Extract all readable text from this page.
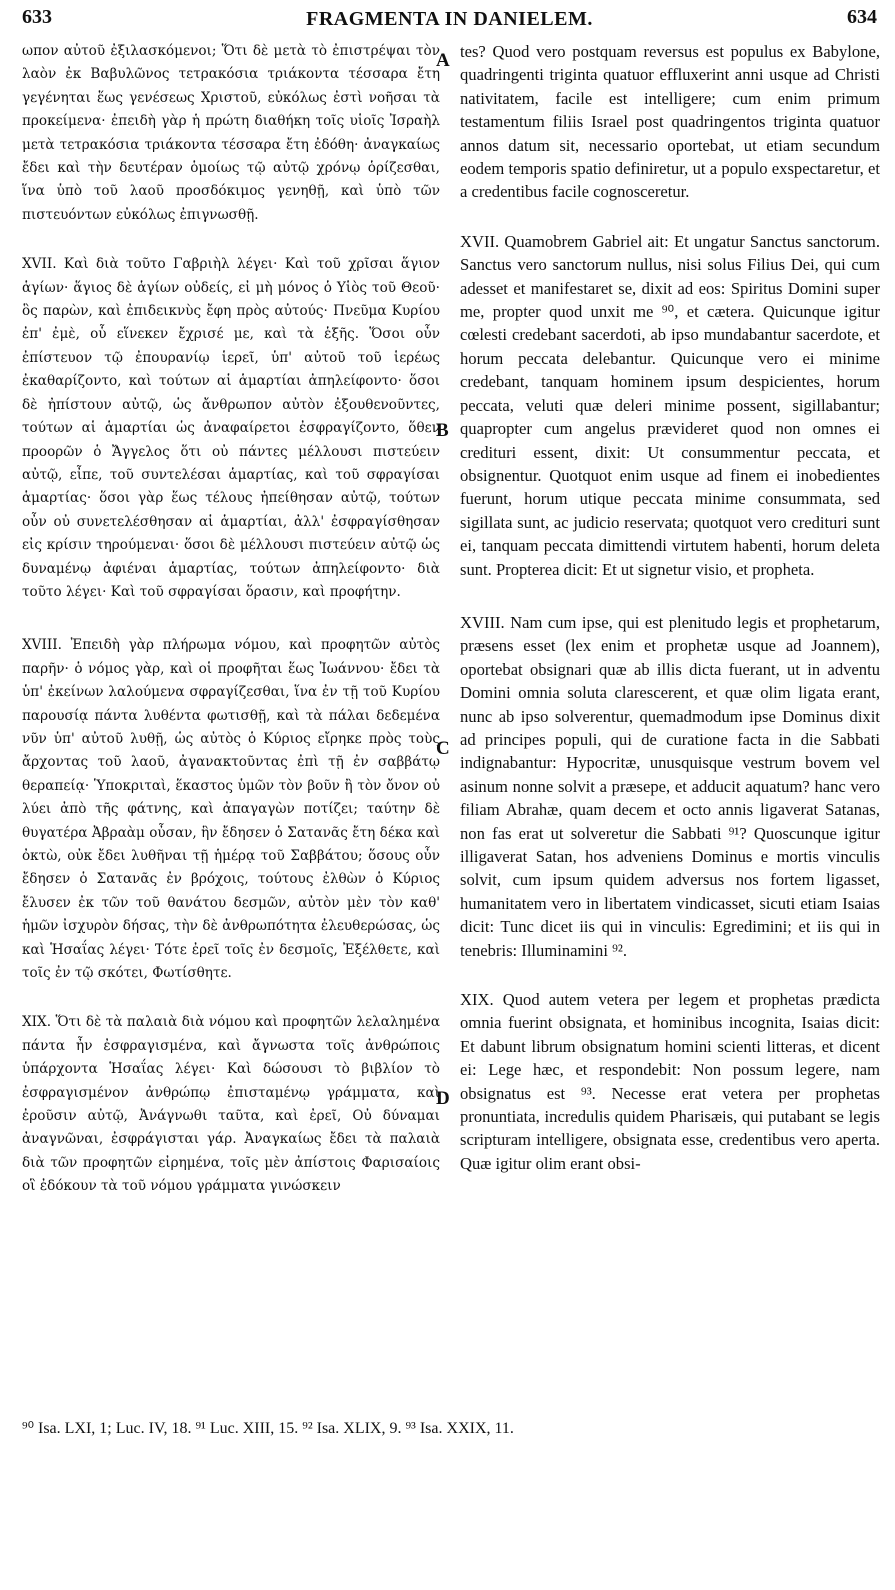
633	FRAGMENTA IN DANIELEM.	634

ωπον αὐτοῦ ἐξιλασκόμενοι; Ὅτι δὲ μετὰ τὸ ἐπιστρέψαι τὸν λαὸν ἐκ Βαβυλῶνος τετρακόσια τριάκοντα τέσσαρα ἔτη γεγένηται ἕως γενέσεως Χριστοῦ, εὐκόλως ἐστὶ νοῆσαι τὰ προκείμενα· ἐπειδὴ γὰρ ἡ πρώτη διαθήκη τοῖς υἱοῖς Ἰσραὴλ μετὰ τετρακόσια τριάκοντα τέσσαρα ἔτη ἐδόθη· ἀναγκαίως ἔδει καὶ τὴν δευτέραν ὁμοίως τῷ αὐτῷ χρόνῳ ὁρίζεσθαι, ἵνα ὑπὸ τοῦ λαοῦ προσδόκιμος γενηθῇ, καὶ ὑπὸ τῶν πιστευόντων εὐκόλως ἐπιγνωσθῇ.

XVII. Καὶ διὰ τοῦτο Γαβριὴλ λέγει· Καὶ τοῦ χρῖσαι ἅγιον ἁγίων· ἅγιος δὲ ἁγίων οὐδείς, εἰ μὴ μόνος ὁ Υἱὸς τοῦ Θεοῦ· ὃς παρὼν, καὶ ἐπιδεικνὺς ἔφη πρὸς αὐτούς· Πνεῦμα Κυρίου ἐπ' ἐμὲ, οὗ εἵνεκεν ἔχρισέ με, καὶ τὰ ἑξῆς. Ὅσοι οὖν ἐπίστευον τῷ ἐπουρανίῳ ἱερεῖ, ὑπ' αὐτοῦ τοῦ ἱερέως ἐκαθαρίζοντο, καὶ τούτων αἱ ἁμαρτίαι ἀπηλείφοντο· ὅσοι δὲ ἠπίστουν αὐτῷ, ὡς ἄνθρωπον αὐτὸν ἐξουθενοῦντες, τούτων αἱ ἁμαρτίαι ὡς ἀναφαίρετοι ἐσφραγίζοντο, ὅθεν προορῶν ὁ Ἄγγελος ὅτι οὐ πάντες μέλλουσι πιστεύειν αὐτῷ, εἶπε, τοῦ συντελέσαι ἁμαρτίας, καὶ τοῦ σφραγίσαι ἁμαρτίας· ὅσοι γὰρ ἕως τέλους ἠπείθησαν αὐτῷ, τούτων οὖν οὐ συνετελέσθησαν αἱ ἁμαρτίαι, ἀλλ' ἐσφραγίσθησαν εἰς κρίσιν τηρούμεναι· ὅσοι δὲ μέλλουσι πιστεύειν αὐτῷ ὡς δυναμένῳ ἀφιέναι ἁμαρτίας, τούτων ἀπηλείφοντο· διὰ τοῦτο λέγει· Καὶ τοῦ σφραγίσαι ὅρασιν, καὶ προφήτην.

XVIII. Ἐπειδὴ γὰρ πλήρωμα νόμου, καὶ προφητῶν αὐτὸς παρῆν· ὁ νόμος γὰρ, καὶ οἱ προφῆται ἕως Ἰωάννου· ἔδει τὰ ὑπ' ἐκείνων λαλούμενα σφραγίζεσθαι, ἵνα ἐν τῇ τοῦ Κυρίου παρουσίᾳ πάντα λυθέντα φωτισθῇ, καὶ τὰ πάλαι δεδεμένα νῦν ὑπ' αὐτοῦ λυθῇ, ὡς αὐτὸς ὁ Κύριος εἴρηκε πρὸς τοὺς ἄρχοντας τοῦ λαοῦ, ἀγανακτοῦντας ἐπὶ τῇ ἐν σαββάτῳ θεραπείᾳ· Ὑποκριταὶ, ἕκαστος ὑμῶν τὸν βοῦν ἢ τὸν ὄνον οὐ λύει ἀπὸ τῆς φάτνης, καὶ ἀπαγαγὼν ποτίζει; ταύτην δὲ θυγατέρα Ἀβραὰμ οὖσαν, ἣν ἔδησεν ὁ Σατανᾶς ἔτη δέκα καὶ ὀκτὼ, οὐκ ἔδει λυθῆναι τῇ ἡμέρᾳ τοῦ Σαββάτου; ὅσους οὖν ἔδησεν ὁ Σατανᾶς ἐν βρόχοις, τούτους ἐλθὼν ὁ Κύριος ἔλυσεν ἐκ τῶν τοῦ θανάτου δεσμῶν, αὐτὸν μὲν τὸν καθ' ἡμῶν ἰσχυρὸν δήσας, τὴν δὲ ἀνθρωπότητα ἐλευθερώσας, ὡς καὶ Ἡσαΐας λέγει· Τότε ἐρεῖ τοῖς ἐν δεσμοῖς, Ἐξέλθετε, καὶ τοῖς ἐν τῷ σκότει, Φωτίσθητε.

XIX. Ὅτι δὲ τὰ παλαιὰ διὰ νόμου καὶ προφητῶν λελαλημένα πάντα ἦν ἐσφραγισμένα, καὶ ἄγνωστα τοῖς ἀνθρώποις ὑπάρχοντα Ἡσαΐας λέγει· Καὶ δώσουσι τὸ βιβλίον τὸ ἐσφραγισμένον ἀνθρώπῳ ἐπισταμένῳ γράμματα, καὶ ἐροῦσιν αὐτῷ, Ἀνάγνωθι ταῦτα, καὶ ἐρεῖ, Οὐ δύναμαι ἀναγνῶναι, ἐσφράγισται γάρ. Ἀναγκαίως ἔδει τὰ παλαιὰ διὰ τῶν προφητῶν εἰρημένα, τοῖς μὲν ἀπίστοις Φαρισαίοις οἳ ἐδόκουν τὰ τοῦ νόμου γράμματα γινώσκειν

tes? Quod vero postquam reversus est populus ex Babylone, quadringenti triginta quatuor effluxerint anni usque ad Christi nativitatem, facile est intelligere; cum enim primum testamentum filiis Israel post quadringentos triginta quatuor annos datum sit, necessario oportebat, ut etiam secundum eodem temporis spatio definiretur, ut a populo exspectaretur, et a credentibus facile cognosceretur.

XVII. Quamobrem Gabriel ait: Et ungatur Sanctus sanctorum. Sanctus vero sanctorum nullus, nisi solus Filius Dei, qui cum adesset et manifestaret se, dixit ad eos: Spiritus Domini super me, propter quod unxit me ⁹⁰, et cætera. Quicunque igitur cœlesti credebant sacerdoti, ab ipso mundabantur sacerdote, et horum peccata delebantur. Quicunque vero ei minime credebant, tanquam hominem ipsum despicientes, horum peccata, veluti quæ deleri minime possent, sigillabantur; quapropter cum angelus prævideret quod non omnes ei credituri essent, dixit: Ut consummentur peccata, et obsignentur. Quotquot enim usque ad finem ei inobedientes fuerunt, horum utique peccata minime consummata, sed sigillata sunt, ac judicio reservata; quotquot vero crediturі sunt ei, tanquam peccata dimittendi virtutem habenti, horum deleta sunt. Propterea dicit: Et ut signetur visio, et propheta.

XVIII. Nam cum ipse, qui est plenitudo legis et prophetarum, præsens esset (lex enim et prophetæ usque ad Joannem), oportebat obsignari quæ ab illis dicta fuerant, ut in adventu Domini omnia soluta clarescerent, et quæ olim ligata erant, nunc ab ipso solverentur, quemadmodum ipse Dominus dixit ad principes populi, qui de curatione facta in die Sabbati indignabantur: Hypocritæ, unusquisque vestrum bovem vel asinum nonne solvit a præsepe, et adducit aquatum? hanc vero filiam Abrahæ, quam decem et octo annis ligaverat Satanas, non fas erat ut solveretur die Sabbati ⁹¹? Quoscunque igitur illigaverat Satan, hos adveniens Dominus e mortis vinculis solvit, cum ipsum quidem adversus nos fortem ligasset, humanitatem vero in libertatem vindicasset, sicuti etiam Isaias dicit: Tunc dicet iis qui in vinculis: Egredimini; et iis qui in tenebris: Illuminamini ⁹².

XIX. Quod autem vetera per legem et prophetas prædicta omnia fuerint obsignata, et hominibus incognita, Isaias dicit: Et dabunt librum obsignatum homini scienti litteras, et dicent ei: Lege hæc, et respondebit: Non possum legere, nam obsignatus est ⁹³. Necesse erat vetera per prophetas pronuntiata, incredulis quidem Pharisæis, qui putabant se legis scripturam intelligere, obsignata esse, credentibus vero aperta. Quæ igitur olim erant obsi-

A
B
C
D
⁹⁰ Isa. LXI, 1; Luc. IV, 18. ⁹¹ Luc. XIII, 15. ⁹² Isa. XLIX, 9. ⁹³ Isa. XXIX, 11.
